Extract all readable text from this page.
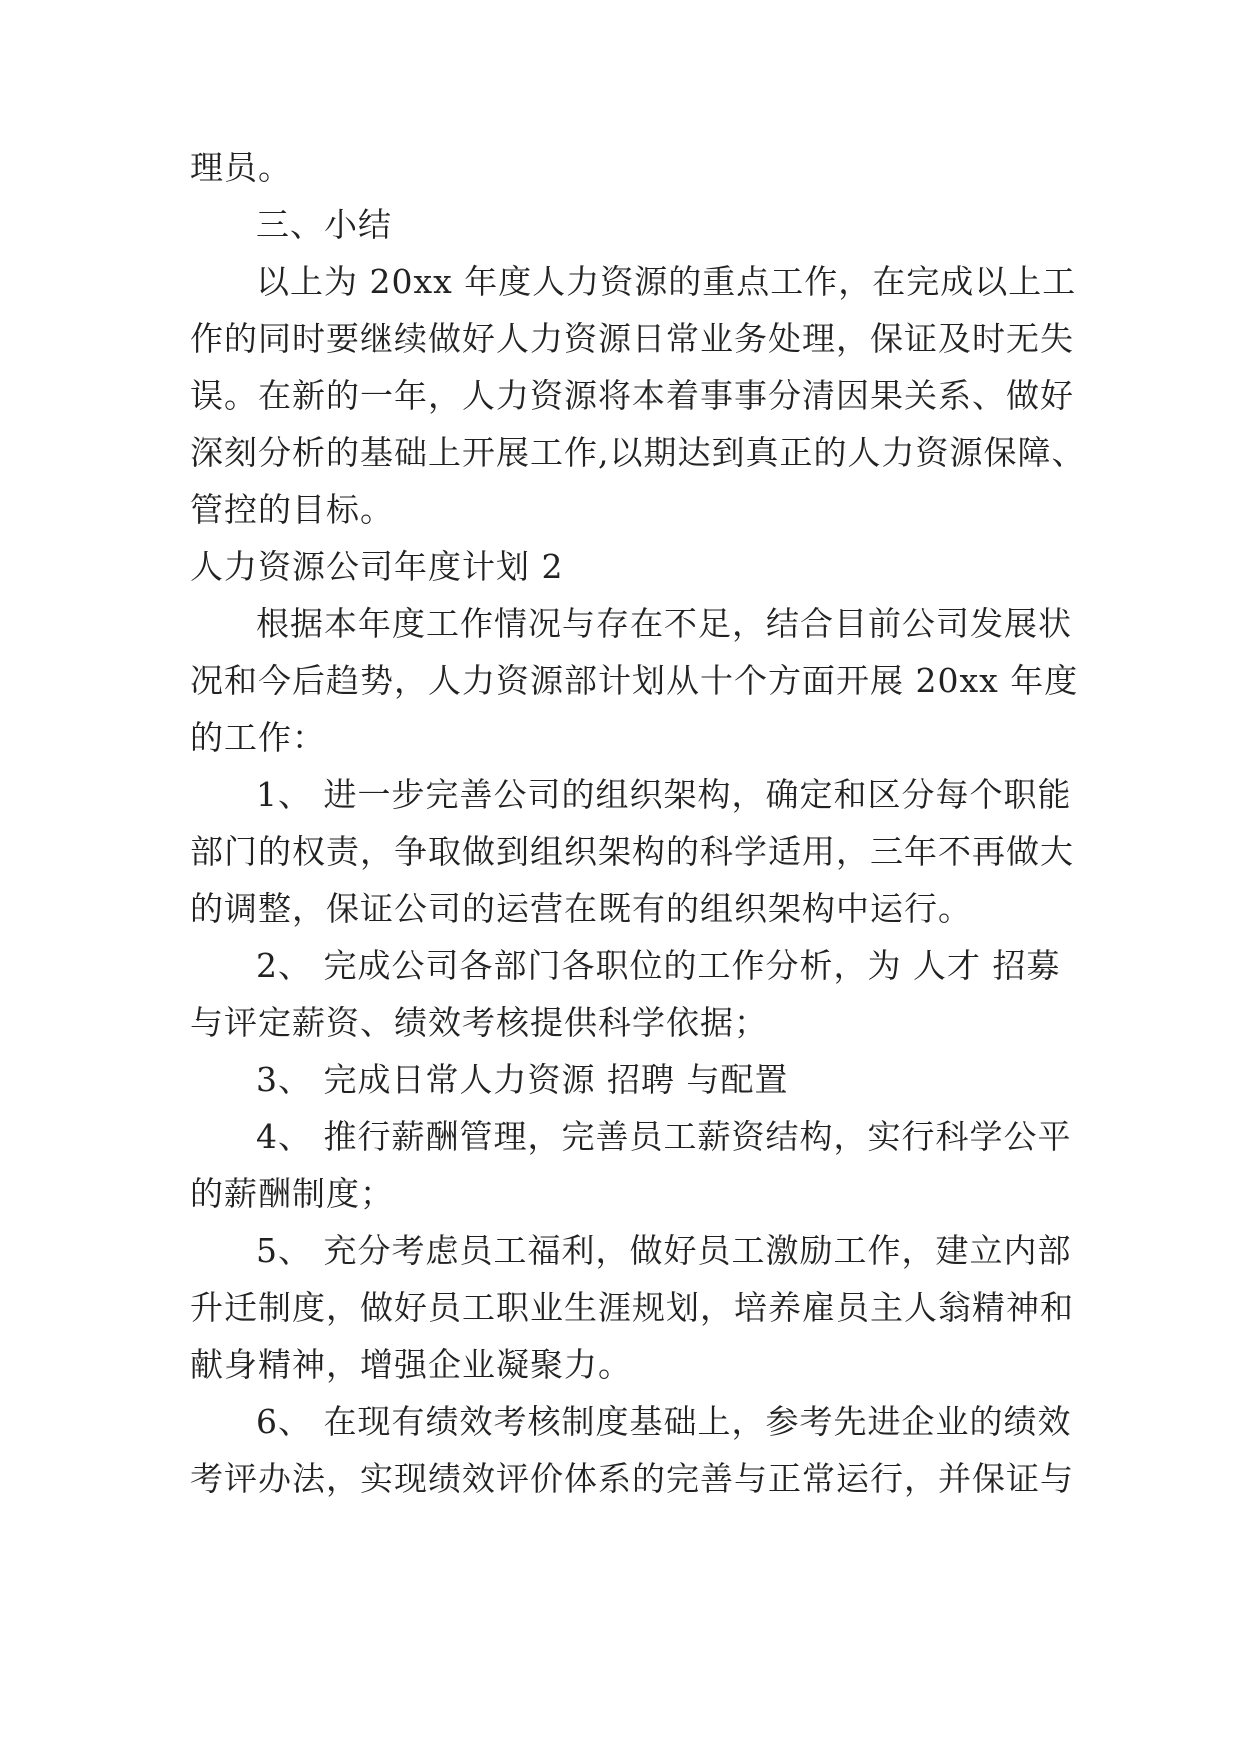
理员。
三、小结
以上为 20xx 年度人力资源的重点工作，在完成以上工
作的同时要继续做好人力资源日常业务处理，保证及时无失
误。在新的一年，人力资源将本着事事分清因果关系、做好
深刻分析的基础上开展工作,以期达到真正的人力资源保障、
管控的目标。
人力资源公司年度计划 2
根据本年度工作情况与存在不足，结合目前公司发展状
况和今后趋势，人力资源部计划从十个方面开展 20xx 年度
的工作：
1、 进一步完善公司的组织架构，确定和区分每个职能
部门的权责，争取做到组织架构的科学适用，三年不再做大
的调整，保证公司的运营在既有的组织架构中运行。
2、 完成公司各部门各职位的工作分析，为 人才 招募
与评定薪资、绩效考核提供科学依据；
3、 完成日常人力资源 招聘 与配置
4、 推行薪酬管理，完善员工薪资结构，实行科学公平
的薪酬制度；
5、 充分考虑员工福利，做好员工激励工作，建立内部
升迁制度，做好员工职业生涯规划，培养雇员主人翁精神和
献身精神，增强企业凝聚力。
6、 在现有绩效考核制度基础上，参考先进企业的绩效
考评办法，实现绩效评价体系的完善与正常运行，并保证与
